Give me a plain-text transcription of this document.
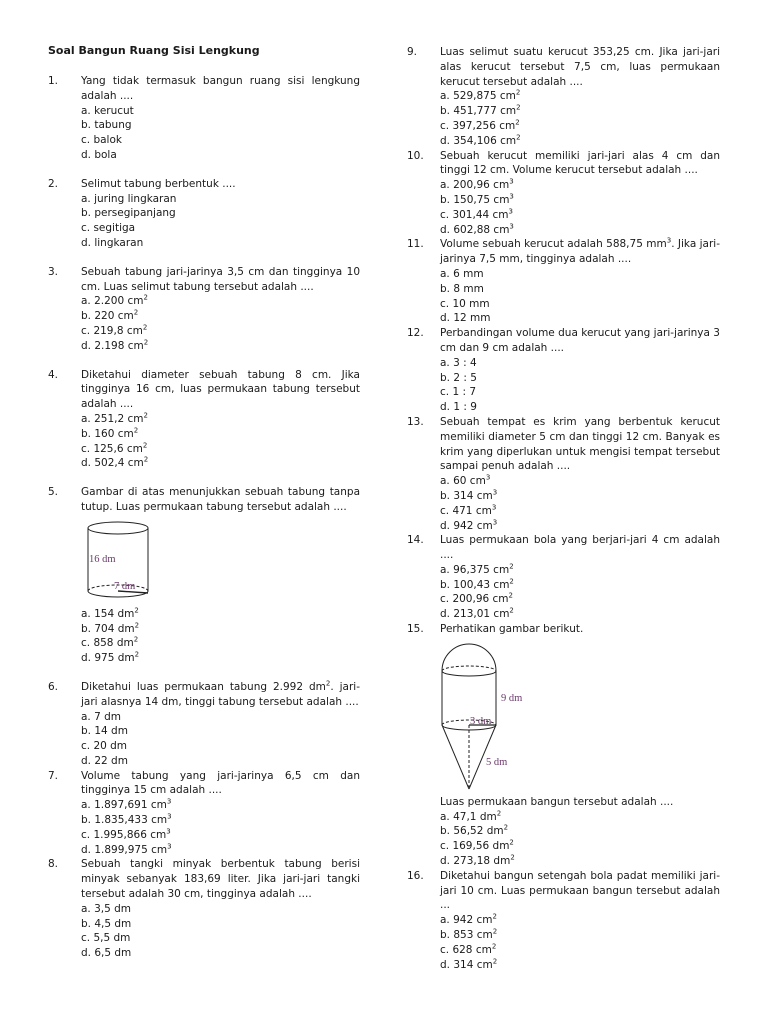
Soal Bangun Ruang Sisi Lengkung
1. Yang tidak termasuk bangun ruang sisi lengkung adalah ....
a. kerucut
b. tabung
c. balok
d. bola
2. Selimut tabung berbentuk ....
a. juring lingkaran
b. persegipanjang
c. segitiga
d. lingkaran
3. Sebuah tabung jari-jarinya 3,5 cm dan tingginya 10 cm. Luas selimut tabung tersebut adalah ....
a. 2.200 $cm^2$
b. 220 $cm^2$
c. 219,8 $cm^2$
d. 2.198 $cm^2$
4. Diketahui diameter sebuah tabung 8 cm. Jika tingginya 16 cm, luas permukaan tabung tersebut adalah ....
a. 251,2 $cm^2$
b. 160 $cm^2$
c. 125,6 $cm^2$
d. 502,4 $cm^2$
5. Gambar di atas menunjukkan sebuah tabung tanpa tutup. Luas permukaan tabung tersebut adalah ....
16 dm
7 dm
a. 154 $dm^2$
b. 704 $dm^2$
c. 858 $dm^2$
d. 975 $dm^2$
6. Diketahui luas permukaan tabung 2.992 $dm^2$. jari-jari alasnya 14 dm, tinggi tabung tersebut adalah ....
a. 7 dm
b. 14 dm
c. 20 dm
d. 22 dm
7. Volume tabung yang jari-jarinya 6,5 cm dan tingginya 15 cm adalah ....
a. 1.897,691 $cm^3$
b. 1.835,433 $cm^3$
c. 1.995,866 $cm^3$
d. 1.899,975 $cm^3$
8. Sebuah tangki minyak berbentuk tabung berisi minyak sebanyak 183,69 liter. Jika jari-jari tangki tersebut adalah 30 cm, tingginya adalah ....
a. 3,5 dm
b. 4,5 dm
c. 5,5 dm
d. 6,5 dm
9. Luas selimut suatu kerucut 353,25 cm. Jika jari-jari alas kerucut tersebut 7,5 cm, luas permukaan kerucut tersebut adalah ....
a. 529,875 $cm^2$
b. 451,777 $cm^2$
c. 397,256 $cm^2$
d. 354,106 $cm^2$
10. Sebuah kerucut memiliki jari-jari alas 4 cm dan tinggi 12 cm. Volume kerucut tersebut adalah ....
a. 200,96 $cm^3$
b. 150,75 $cm^3$
c. 301,44 $cm^3$
d. 602,88 $cm^3$
11. Volume sebuah kerucut adalah 588,75 $mm^3$. Jika jari-jarinya 7,5 mm, tingginya adalah ....
a. 6 mm
b. 8 mm
c. 10 mm
d. 12 mm
12. Perbandingan volume dua kerucut yang jari-jarinya 3 cm dan 9 cm adalah ....
a. 3 : 4
b. 2 : 5
c. 1 : 7
d. 1 : 9
13. Sebuah tempat es krim yang berbentuk kerucut memiliki diameter 5 cm dan tinggi 12 cm. Banyak es krim yang diperlukan untuk mengisi tempat tersebut sampai penuh adalah ....
a. 60 $cm^3$
b. 314 $cm^3$
c. 471 $cm^3$
d. 942 $cm^3$
14. Luas permukaan bola yang berjari-jari 4 cm adalah ....
a. 96,375 $cm^2$
b. 100,43 $cm^2$
c. 200,96 $cm^2$
d. 213,01 $cm^2$
15. Perhatikan gambar berikut.
9 dm
3 dm
5 dm
Luas permukaan bangun tersebut adalah ....
a. 47,1 $dm^2$
b. 56,52 $dm^2$
c. 169,56 $dm^2$
d. 273,18 $dm^2$
16. Diketahui bangun setengah bola padat memiliki jari-jari 10 cm. Luas permukaan bangun tersebut adalah ...
a. 942 $cm^2$
b. 853 $cm^2$
c. 628 $cm^2$
d. 314 $cm^2$
